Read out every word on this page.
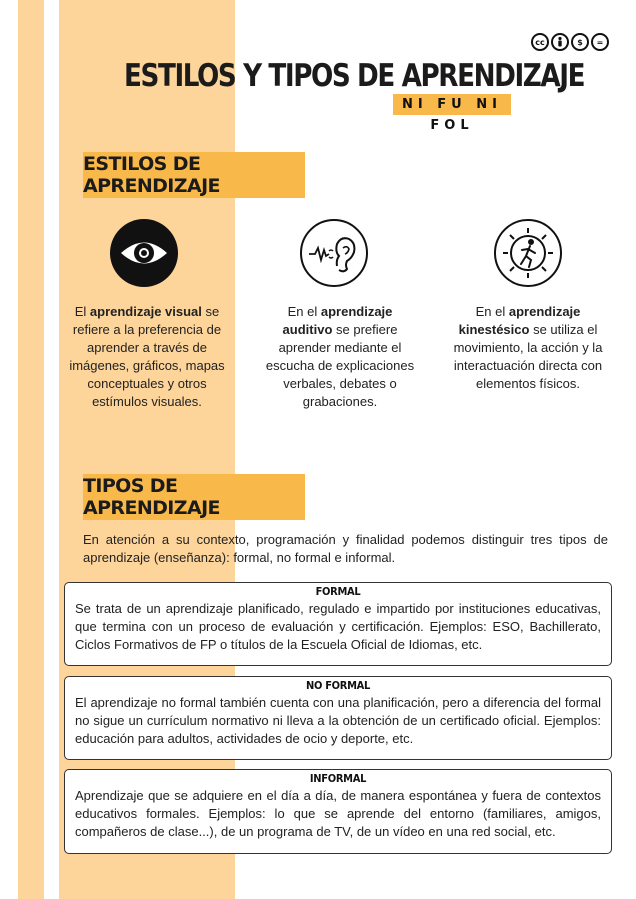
cc	$	=
ESTILOS Y TIPOS DE APRENDIZAJE
NI FU NI FOL
ESTILOS DE APRENDIZAJE
El aprendizaje visual se refiere a la preferencia de aprender a través de imágenes, gráficos, mapas conceptuales y otros estímulos visuales.
En el aprendizaje auditivo se prefiere aprender mediante el escucha de explicaciones verbales, debates o grabaciones.
En el aprendizaje kinestésico se utiliza el movimiento, la acción y la interactuación directa con elementos físicos.
TIPOS DE APRENDIZAJE

En atención a su contexto, programación y finalidad podemos distinguir tres tipos de aprendizaje (enseñanza): formal, no formal e informal.

FORMAL
Se trata de un aprendizaje planificado, regulado e impartido por instituciones educativas, que termina con un proceso de evaluación y certificación. Ejemplos: ESO, Bachillerato, Ciclos Formativos de FP o títulos de la Escuela Oficial de Idiomas, etc.
NO FORMAL
El aprendizaje no formal también cuenta con una planificación, pero a diferencia del formal no sigue un currículum normativo ni lleva a la obtención de un certificado oficial. Ejemplos: educación para adultos, actividades de ocio y deporte, etc.
INFORMAL
Aprendizaje que se adquiere en el día a día, de manera espontánea y fuera de contextos educativos formales. Ejemplos: lo que se aprende del entorno (familiares, amigos, compañeros de clase...), de un programa de TV, de un vídeo en una red social, etc.
